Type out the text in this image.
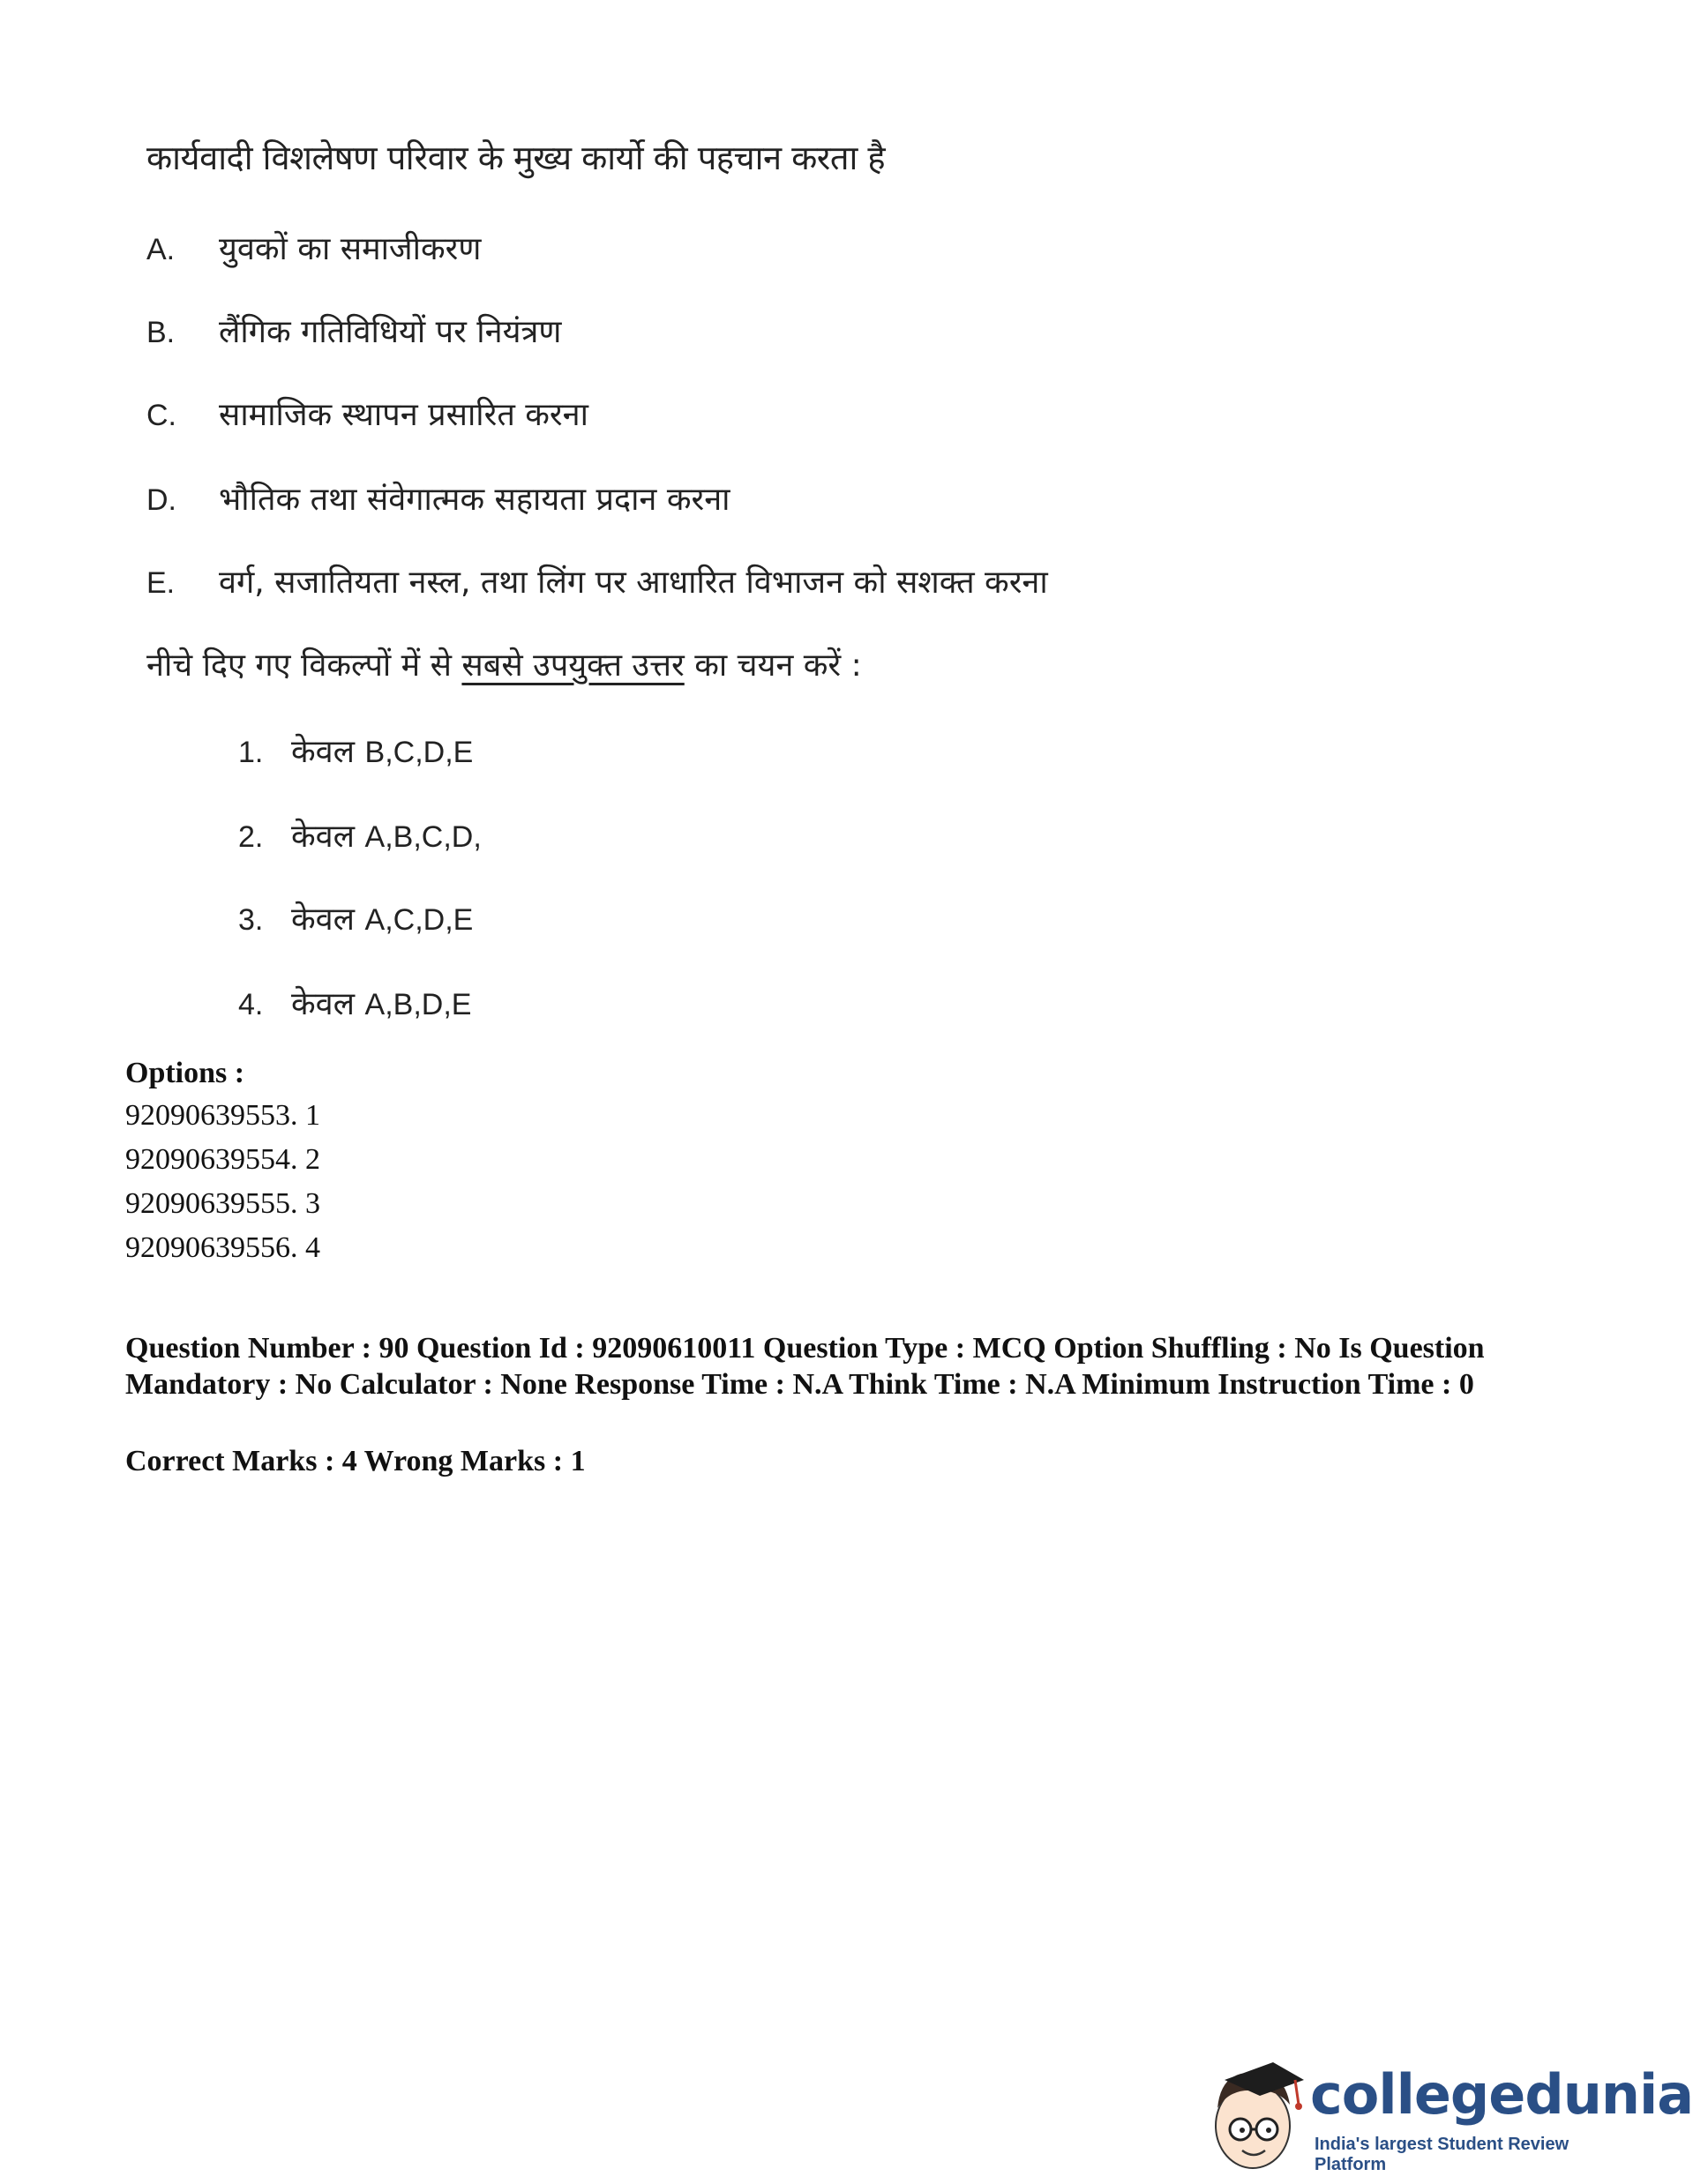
कार्यवादी विशलेषण परिवार के मुख्य कार्यो की पहचान करता है
A. युवकों का समाजीकरण
B. लैंगिक गतिविधियों पर नियंत्रण
C. सामाजिक स्थापन प्रसारित करना
D. भौतिक तथा संवेगात्मक सहायता प्रदान करना
E. वर्ग, सजातियता नस्ल, तथा लिंग पर आधारित विभाजन को सशक्त करना
नीचे दिए गए विकल्पों में से सबसे उपयुक्त उत्तर का चयन करें :
1. केवल B,C,D,E
2. केवल A,B,C,D,
3. केवल A,C,D,E
4. केवल A,B,D,E
Options :
92090639553. 1
92090639554. 2
92090639555. 3
92090639556. 4
Question Number : 90 Question Id : 92090610011 Question Type : MCQ Option Shuffling : No Is Question Mandatory : No Calculator : None Response Time : N.A Think Time : N.A Minimum Instruction Time : 0
Correct Marks : 4 Wrong Marks : 1
collegedunia
India's largest Student Review Platform
